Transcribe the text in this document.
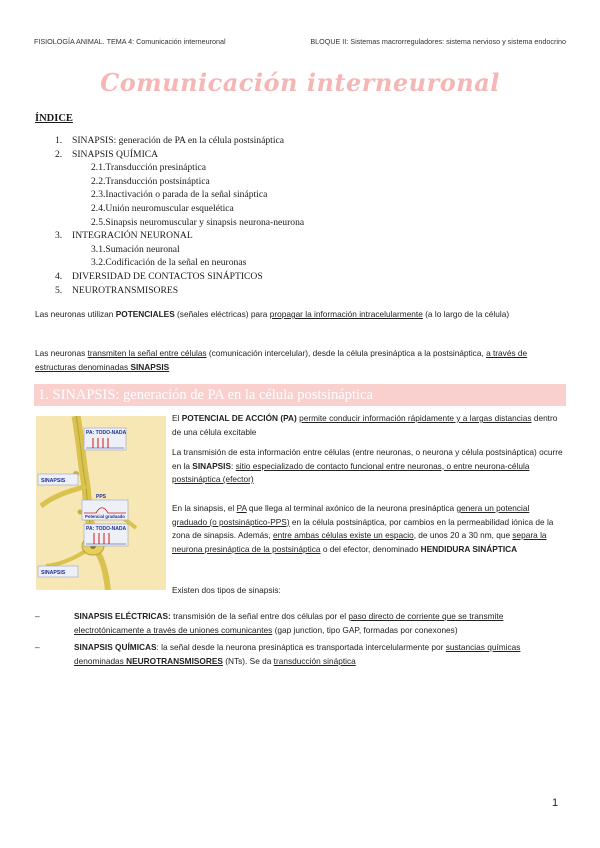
FISIOLOGÍA ANIMAL. TEMA 4: Comunicación interneuronal	BLOQUE II: Sistemas macrorreguladores: sistema nervioso y sistema endocrino
Comunicación interneuronal
ÍNDICE
1. SINAPSIS: generación de PA en la célula postsináptica
2. SINAPSIS QUÍMICA
2.1.Transducción presináptica
2.2.Transducción postsináptica
2.3.Inactivación o parada de la señal sináptica
2.4.Unión neuromuscular esquelética
2.5.Sinapsis neuromuscular y sinapsis neurona-neurona
3. INTEGRACIÓN NEURONAL
3.1.Sumación neuronal
3.2.Codificación de la señal en neuronas
4. DIVERSIDAD DE CONTACTOS SINÁPTICOS
5. NEUROTRANSMISORES
Las neuronas utilizan POTENCIALES (señales eléctricas) para propagar la información intracelularmente (a lo largo de la célula)
Las neuronas transmiten la señal entre células (comunicación intercelular), desde la célula presináptica a la postsináptica, a través de estructuras denominadas SINAPSIS
1. SINAPSIS: generación de PA en la célula postsináptica
PA: TODO-NADA
SINAPSIS
PPS
Potencial graduado
PA: TODO-NADA
SINAPSIS
El POTENCIAL DE ACCIÓN (PA) permite conducir información rápidamente y a largas distancias dentro de una célula excitable
La transmisión de esta información entre células (entre neuronas, o neurona y célula postsináptica) ocurre en la SINAPSIS: sitio especializado de contacto funcional entre neuronas, o entre neurona-célula postsináptica (efector)
En la sinapsis, el PA que llega al terminal axónico de la neurona presináptica genera un potencial graduado (o postsináptico-PPS) en la célula postsináptica, por cambios en la permeabilidad iónica de la zona de sinapsis. Además, entre ambas células existe un espacio, de unos 20 a 30 nm, que separa la neurona presináptica de la postsináptica o del efector, denominado HENDIDURA SINÁPTICA
Existen dos tipos de sinapsis:
–	SINAPSIS ELÉCTRICAS: transmisión de la señal entre dos células por el paso directo de corriente que se transmite electrotónicamente a través de uniones comunicantes (gap junction, tipo GAP, formadas por conexones)
–	SINAPSIS QUÍMICAS: la señal desde la neurona presináptica es transportada intercelularmente por sustancias químicas denominadas NEUROTRANSMISORES (NTs). Se da transducción sináptica
1
